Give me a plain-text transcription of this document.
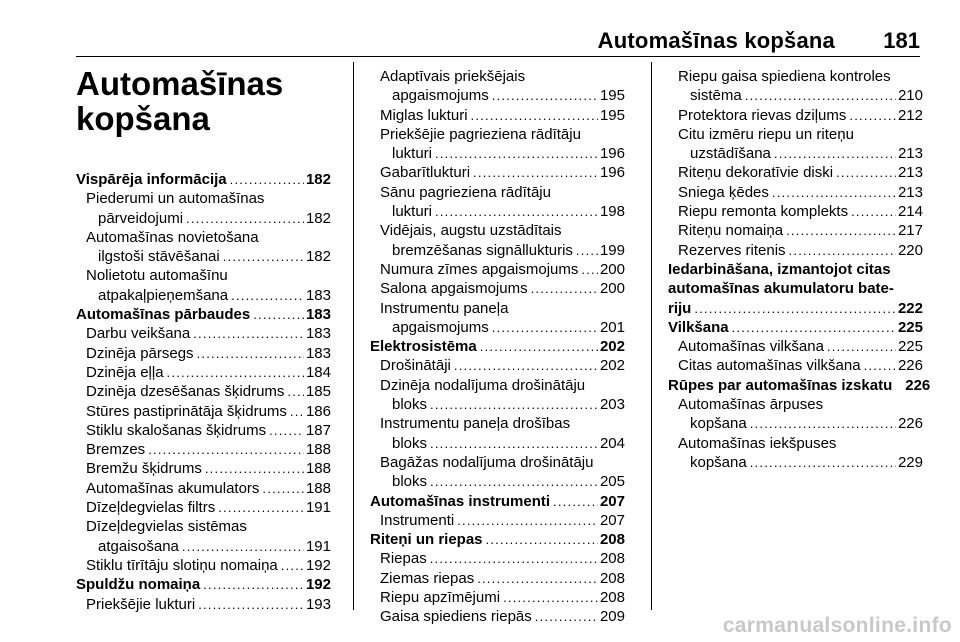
Automašīnas kopšana 181
Automašīnas
kopšana
Vispārēja informācija . . .	182
Piederumi un automašīnas
pārveidojumi . . .	182
Automašīnas novietošana
ilgstoši stāvēšanai . . .	182
Nolietotu automašīnu
atpakaļpieņemšana . . .	183
Automašīnas pārbaudes . . .	183
Darbu veikšana . . .	183
Dzinēja pārsegs . . .	183
Dzinēja eļļa . . .	184
Dzinēja dzesēšanas šķidrums . . . 185
Stūres pastiprinātāja šķidrums . . . 186
Stiklu skalošanas šķidrums . . .	187
Bremzes . . .	188
Bremžu šķidrums . . .	188
Automašīnas akumulators . . .	188
Dīzeļdegvielas filtrs . . .	191
Dīzeļdegvielas sistēmas
atgaisošana . . .	191
Stiklu tīrītāju slotiņu nomaiņa . . . 192
Spuldžu nomaiņa . . .	192
Priekšējie lukturi . . .	193
Adaptīvais priekšējais
apgaismojums . . .	195
Miglas lukturi . . .	195
Priekšējie pagrieziena rādītāju
lukturi . . .	196
Gabarītlukturi . . .	196
Sānu pagrieziena rādītāju
lukturi . . .	198
Vidējais, augstu uzstādītais
bremzēšanas signāllukturis . . . 199
Numura zīmes apgaismojums . . . 200
Salona apgaismojums . . .	200
Instrumentu paneļa
apgaismojums . . .	201
Elektrosistēma . . .	202
Drošinātāji . . .	202
Dzinēja nodalījuma drošinātāju
bloks . . .	203
Instrumentu paneļa drošības
bloks . . .	204
Bagāžas nodalījuma drošinātāju
bloks . . .	205
Automašīnas instrumenti . . .	207
Instrumenti . . .	207
Riteņi un riepas . . .	208
Riepas . . .	208
Ziemas riepas . . .	208
Riepu apzīmējumi . . .	208
Gaisa spiediens riepās . . .	209
Riepu gaisa spiediena kontroles
sistēma . . .	210
Protektora rievas dziļums . . .	212
Citu izmēru riepu un riteņu
uzstādīšana . . .	213
Riteņu dekoratīvie diski . . .	213
Sniega ķēdes . . .	213
Riepu remonta komplekts . . .	214
Riteņu nomaiņa . . .	217
Rezerves ritenis . . .	220
Iedarbināšana, izmantojot citas
automašīnas akumulatoru bate-
riju . . .	222
Vilkšana . . .	225
Automašīnas vilkšana . . .	225
Citas automašīnas vilkšana . . . 226
Rūpes par automašīnas izskatu 226
Automašīnas ārpuses
kopšana . . .	226
Automašīnas iekšpuses
kopšana . . .	229
carmanualsonline.info
